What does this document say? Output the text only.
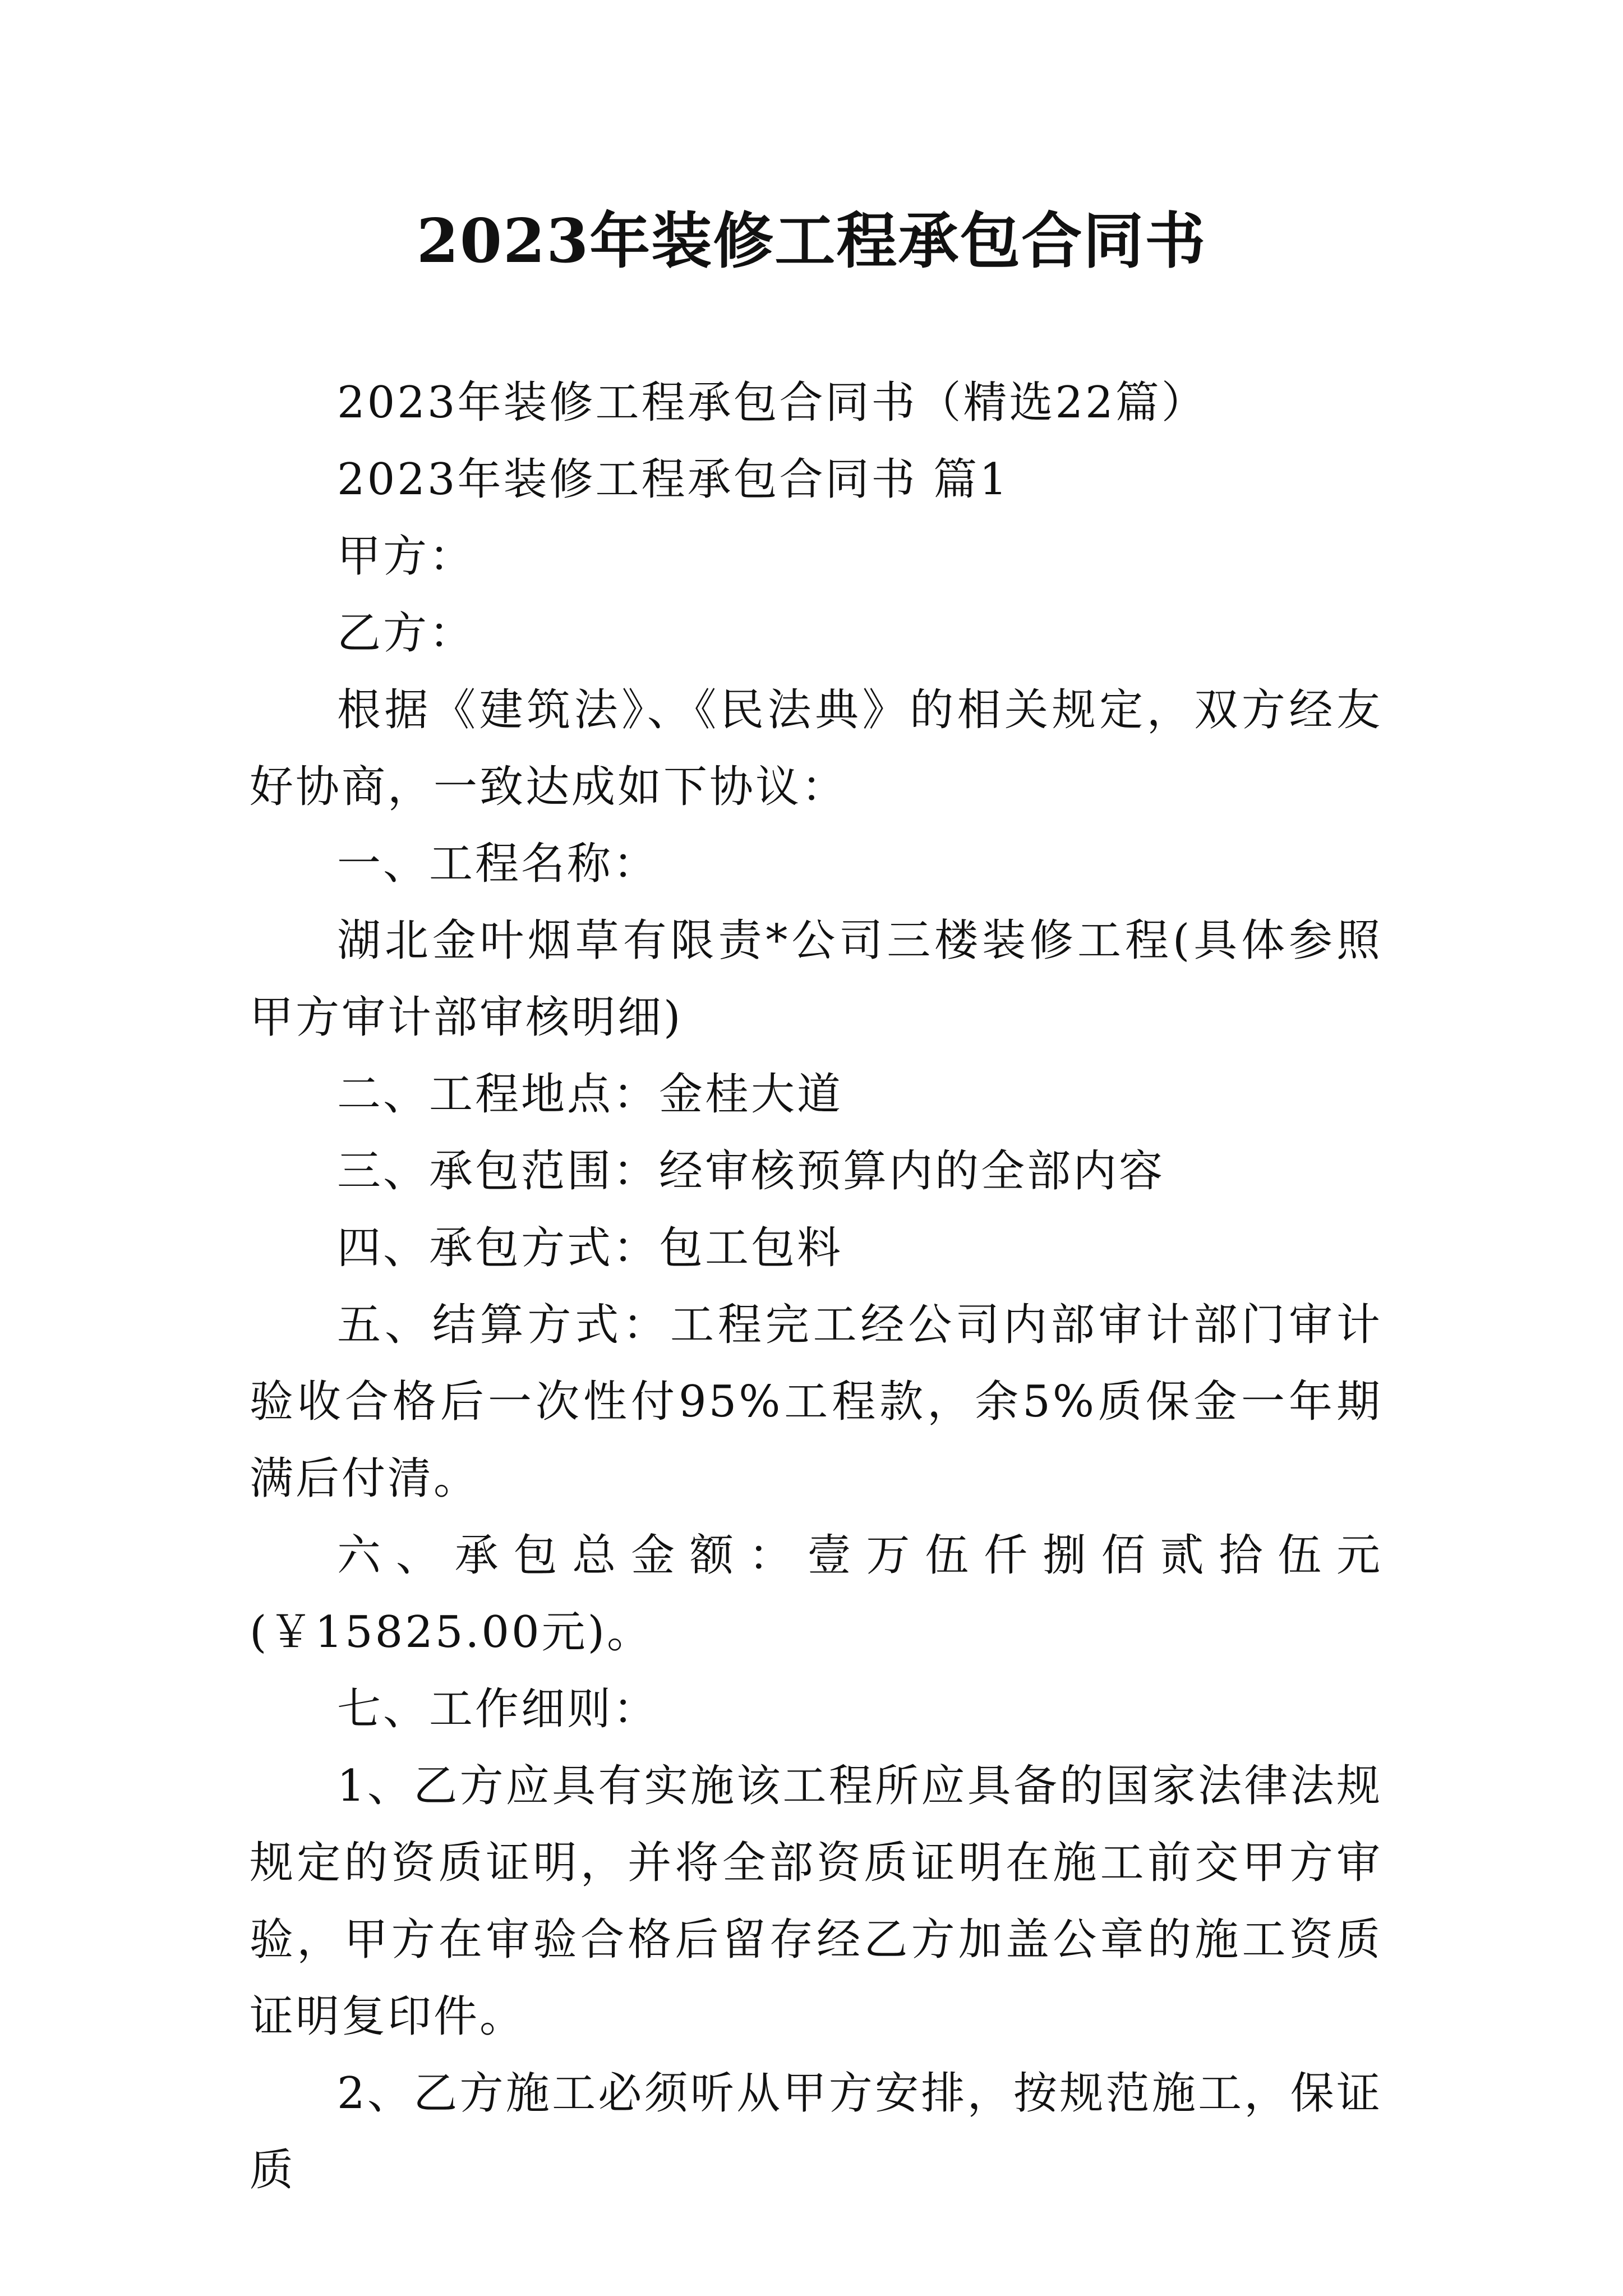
2023年装修工程承包合同书

2023年装修工程承包合同书（精选22篇）

2023年装修工程承包合同书 篇1

甲方：

乙方：

根据《建筑法》、《民法典》的相关规定，双方经友好协商，一致达成如下协议：

一、工程名称：

湖北金叶烟草有限责*公司三楼装修工程(具体参照甲方审计部审核明细)

二、工程地点：金桂大道

三、承包范围：经审核预算内的全部内容

四、承包方式：包工包料

五、结算方式：工程完工经公司内部审计部门审计验收合格后一次性付95%工程款，余5%质保金一年期满后付清。

六、承包总金额：壹万伍仟捌佰贰拾伍元(￥15825.00元)。

七、工作细则：

1、乙方应具有实施该工程所应具备的国家法律法规规定的资质证明，并将全部资质证明在施工前交甲方审验，甲方在审验合格后留存经乙方加盖公章的施工资质证明复印件。

2、乙方施工必须听从甲方安排，按规范施工，保证质
